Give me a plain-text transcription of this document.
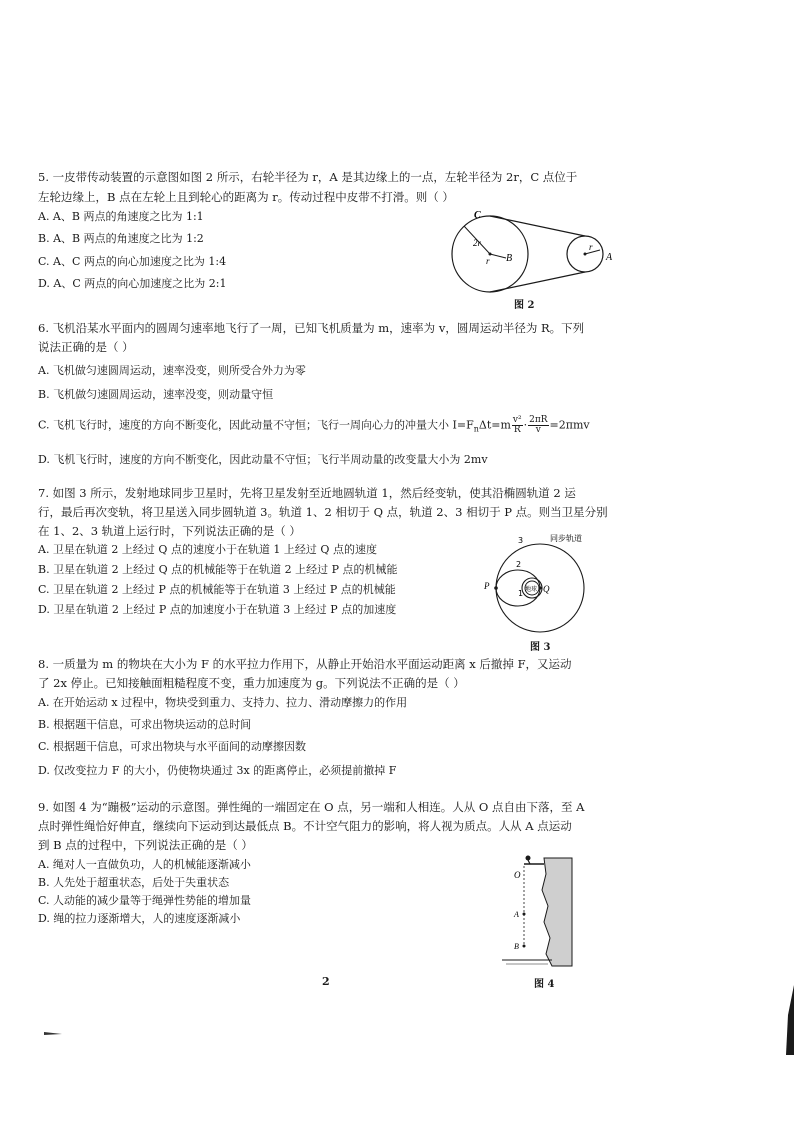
5. 一皮带传动装置的示意图如图 2 所示，右轮半径为 r，A 是其边缘上的一点，左轮半径为 2r，C 点位于
左轮边缘上，B 点在左轮上且到轮心的距离为 r。传动过程中皮带不打滑。则（ ）
A. A、B 两点的角速度之比为 1:1
B. A、B 两点的角速度之比为 1:2
C. A、C 两点的向心加速度之比为 1:4
D. A、C 两点的向心加速度之比为 2:1
C
2r
r B
r
A
图 2
6. 飞机沿某水平面内的圆周匀速率地飞行了一周，已知飞机质量为 m，速率为 v，圆周运动半径为 R。下列
说法正确的是（ ）
A. 飞机做匀速圆周运动，速率没变，则所受合外力为零
B. 飞机做匀速圆周运动，速率没变，则动量守恒
C. 飞机飞行时，速度的方向不断变化，因此动量不守恒；飞行一周向心力的冲量大小 $I=F_n\Delta t=m \frac{\text{v²}}{R} \cdot \frac{2\pi R}{v} =2\pi mv$
D. 飞机飞行时，速度的方向不断变化，因此动量不守恒；飞行半周动量的改变量大小为 2mv
7. 如图 3 所示，发射地球同步卫星时，先将卫星发射至近地圆轨道 1，然后经变轨，使其沿椭圆轨道 2 运
行，最后再次变轨，将卫星送入同步圆轨道 3。轨道 1、2 相切于 Q 点，轨道 2、3 相切于 P 点。则当卫星分别
在 1、2、3 轨道上运行时，下列说法正确的是（ ）
A. 卫星在轨道 2 上经过 Q 点的速度小于在轨道 1 上经过 Q 点的速度
B. 卫星在轨道 2 上经过 Q 点的机械能等于在轨道 2 上经过 P 点的机械能
C. 卫星在轨道 2 上经过 P 点的机械能等于在轨道 3 上经过 P 点的机械能
D. 卫星在轨道 2 上经过 P 点的加速度小于在轨道 3 上经过 P 点的加速度
同步轨道
3
2
1
P	Q
地球
图 3
8. 一质量为 m 的物块在大小为 F 的水平拉力作用下，从静止开始沿水平面运动距离 x 后撤掉 F，又运动
了 2x 停止。已知接触面粗糙程度不变，重力加速度为 g。下列说法不正确的是（ ）
A. 在开始运动 x 过程中，物块受到重力、支持力、拉力、滑动摩擦力的作用
B. 根据题干信息，可求出物块运动的总时间
C. 根据题干信息，可求出物块与水平面间的动摩擦因数
D. 仅改变拉力 F 的大小，仍使物块通过 3x 的距离停止，必须提前撤掉 F
9. 如图 4 为“蹦极”运动的示意图。弹性绳的一端固定在 O 点，另一端和人相连。人从 O 点自由下落，至 A
点时弹性绳恰好伸直，继续向下运动到达最低点 B。不计空气阻力的影响，将人视为质点。人从 A 点运动
到 B 点的过程中，下列说法正确的是（ ）
A. 绳对人一直做负功，人的机械能逐渐减小
B. 人先处于超重状态，后处于失重状态
C. 人动能的减少量等于绳弹性势能的增加量
D. 绳的拉力逐渐增大，人的速度逐渐减小
O
A
B
图 4
2
